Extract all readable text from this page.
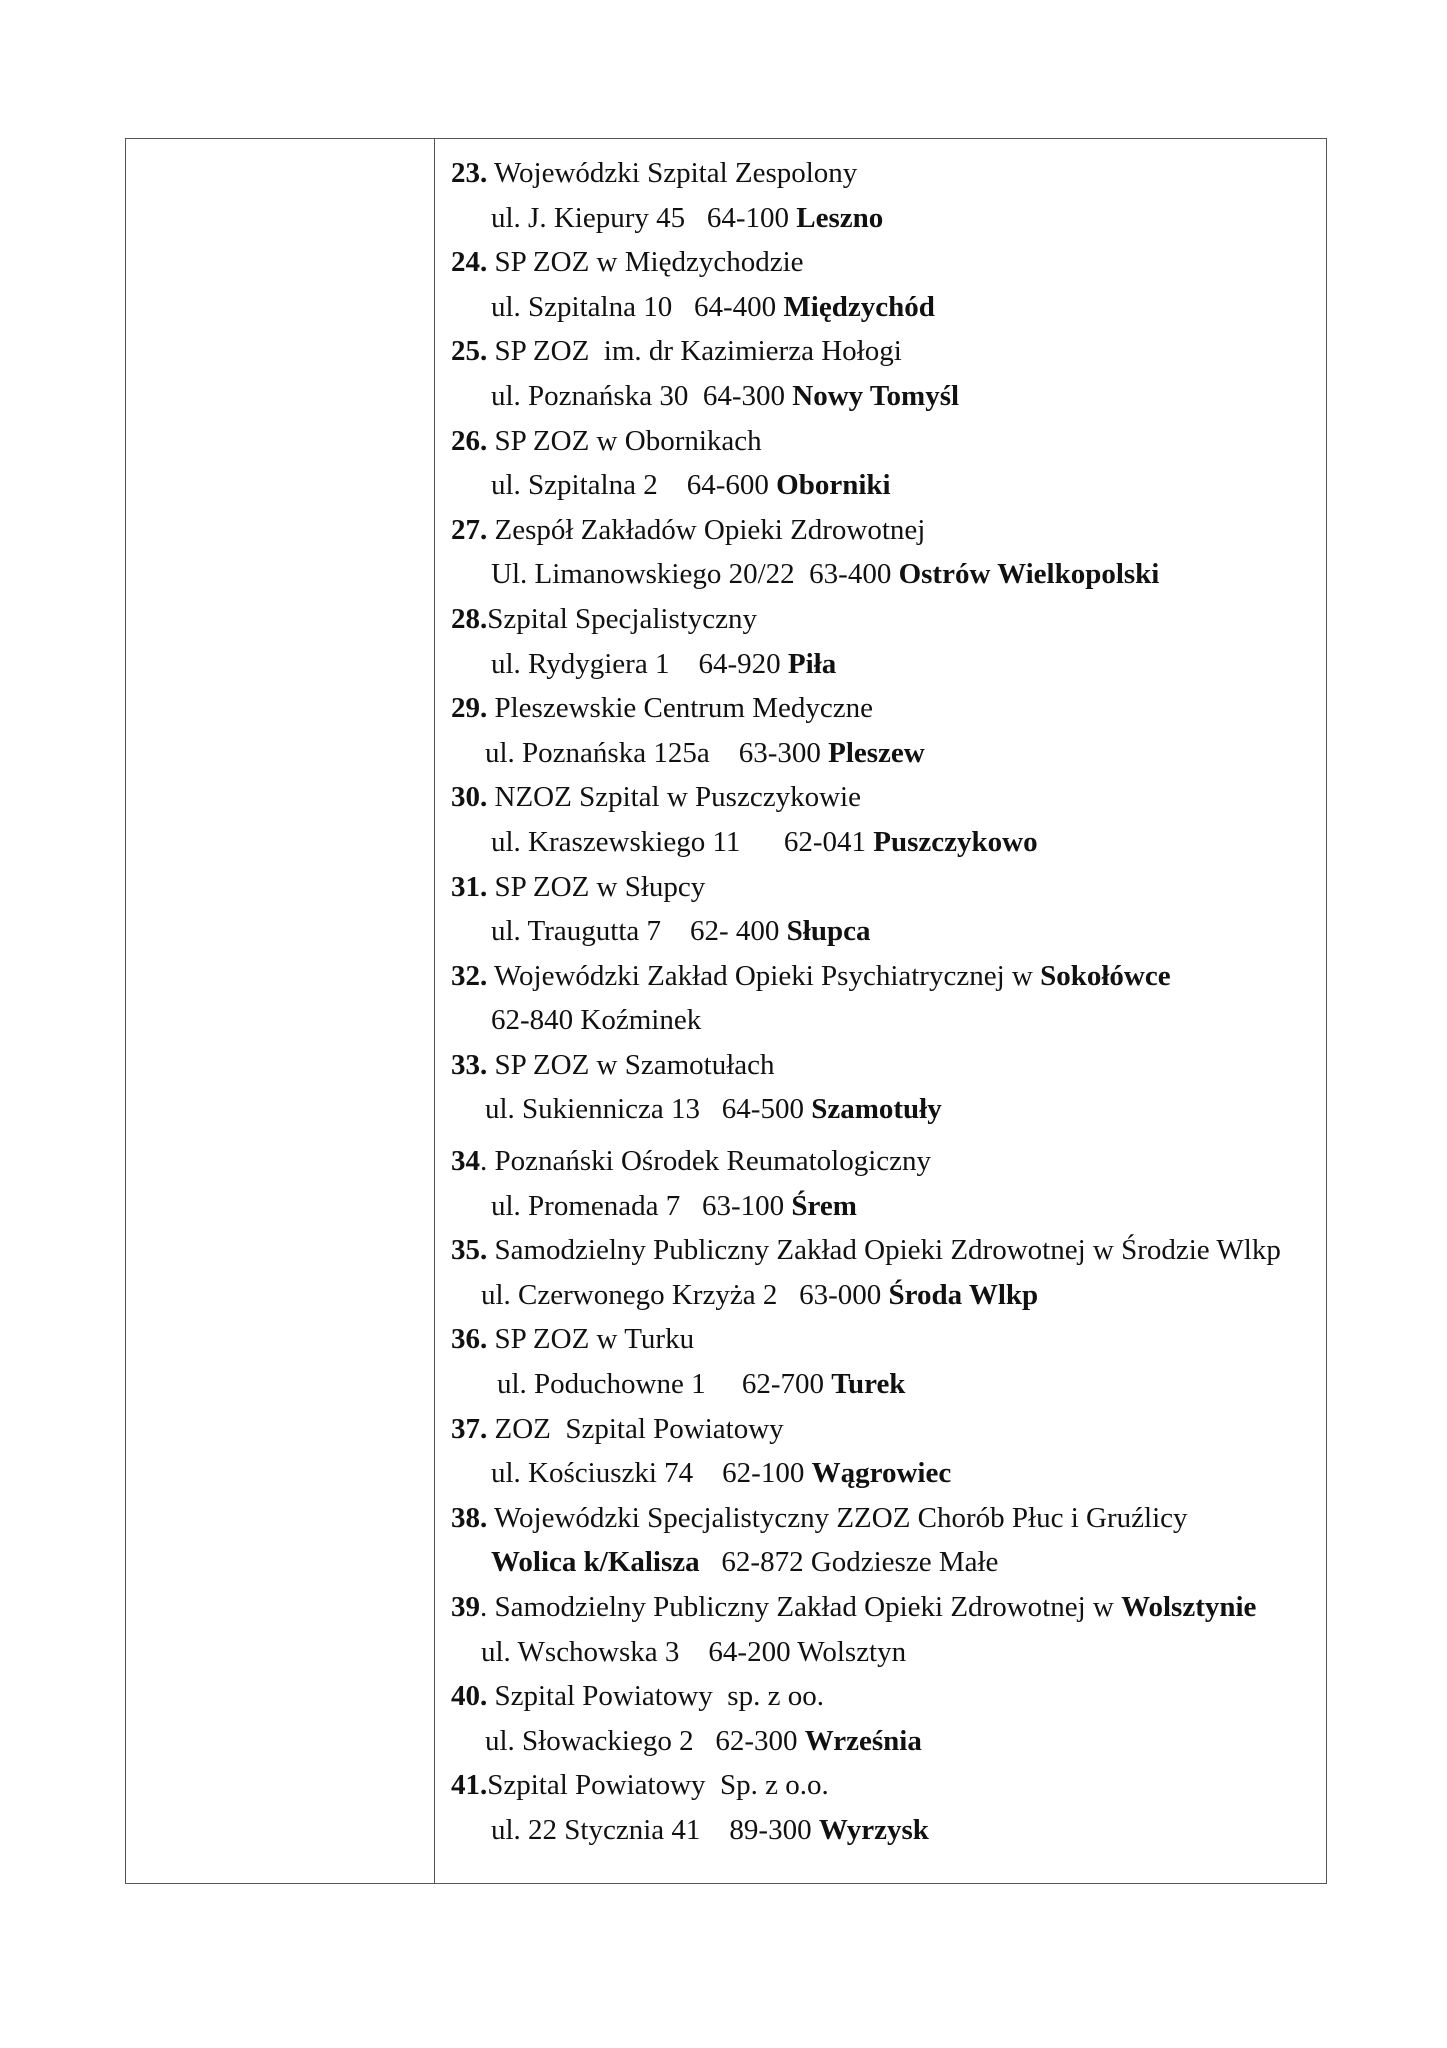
23. Wojewódzki Szpital Zespolony
ul. J. Kiepury 45   64-100 Leszno
24. SP ZOZ w Międzychodzie
ul. Szpitalna 10   64-400 Międzychód
25. SP ZOZ  im. dr Kazimierza Hołogi
ul. Poznańska 30  64-300 Nowy Tomyśl
26. SP ZOZ w Obornikach
ul. Szpitalna 2    64-600 Oborniki
27. Zespół Zakładów Opieki Zdrowotnej
Ul. Limanowskiego 20/22  63-400 Ostrów Wielkopolski
28.Szpital Specjalistyczny
ul. Rydygiera 1    64-920 Piła
29. Pleszewskie Centrum Medyczne
ul. Poznańska 125a    63-300 Pleszew
30. NZOZ Szpital w Puszczykowie
ul. Kraszewskiego 11      62-041 Puszczykowo
31. SP ZOZ w Słupcy
ul. Traugutta 7    62- 400 Słupca
32. Wojewódzki Zakład Opieki Psychiatrycznej w Sokołówce
62-840 Koźminek
33. SP ZOZ w Szamotułach
ul. Sukiennicza 13   64-500 Szamotuły
34. Poznański Ośrodek Reumatologiczny
ul. Promenada 7   63-100 Śrem
35. Samodzielny Publiczny Zakład Opieki Zdrowotnej w Środzie Wlkp
ul. Czerwonego Krzyża 2   63-000 Środa Wlkp
36. SP ZOZ w Turku
ul. Poduchowne 1     62-700 Turek
37. ZOZ  Szpital Powiatowy
ul. Kościuszki 74    62-100 Wągrowiec
38. Wojewódzki Specjalistyczny ZZOZ Chorób Płuc i Gruźlicy
Wolica k/Kalisza   62-872 Godziesze Małe
39. Samodzielny Publiczny Zakład Opieki Zdrowotnej w Wolsztynie
ul. Wschowska 3    64-200 Wolsztyn
40. Szpital Powiatowy  sp. z oo.
ul. Słowackiego 2   62-300 Września
41.Szpital Powiatowy  Sp. z o.o.
ul. 22 Stycznia 41    89-300 Wyrzysk
